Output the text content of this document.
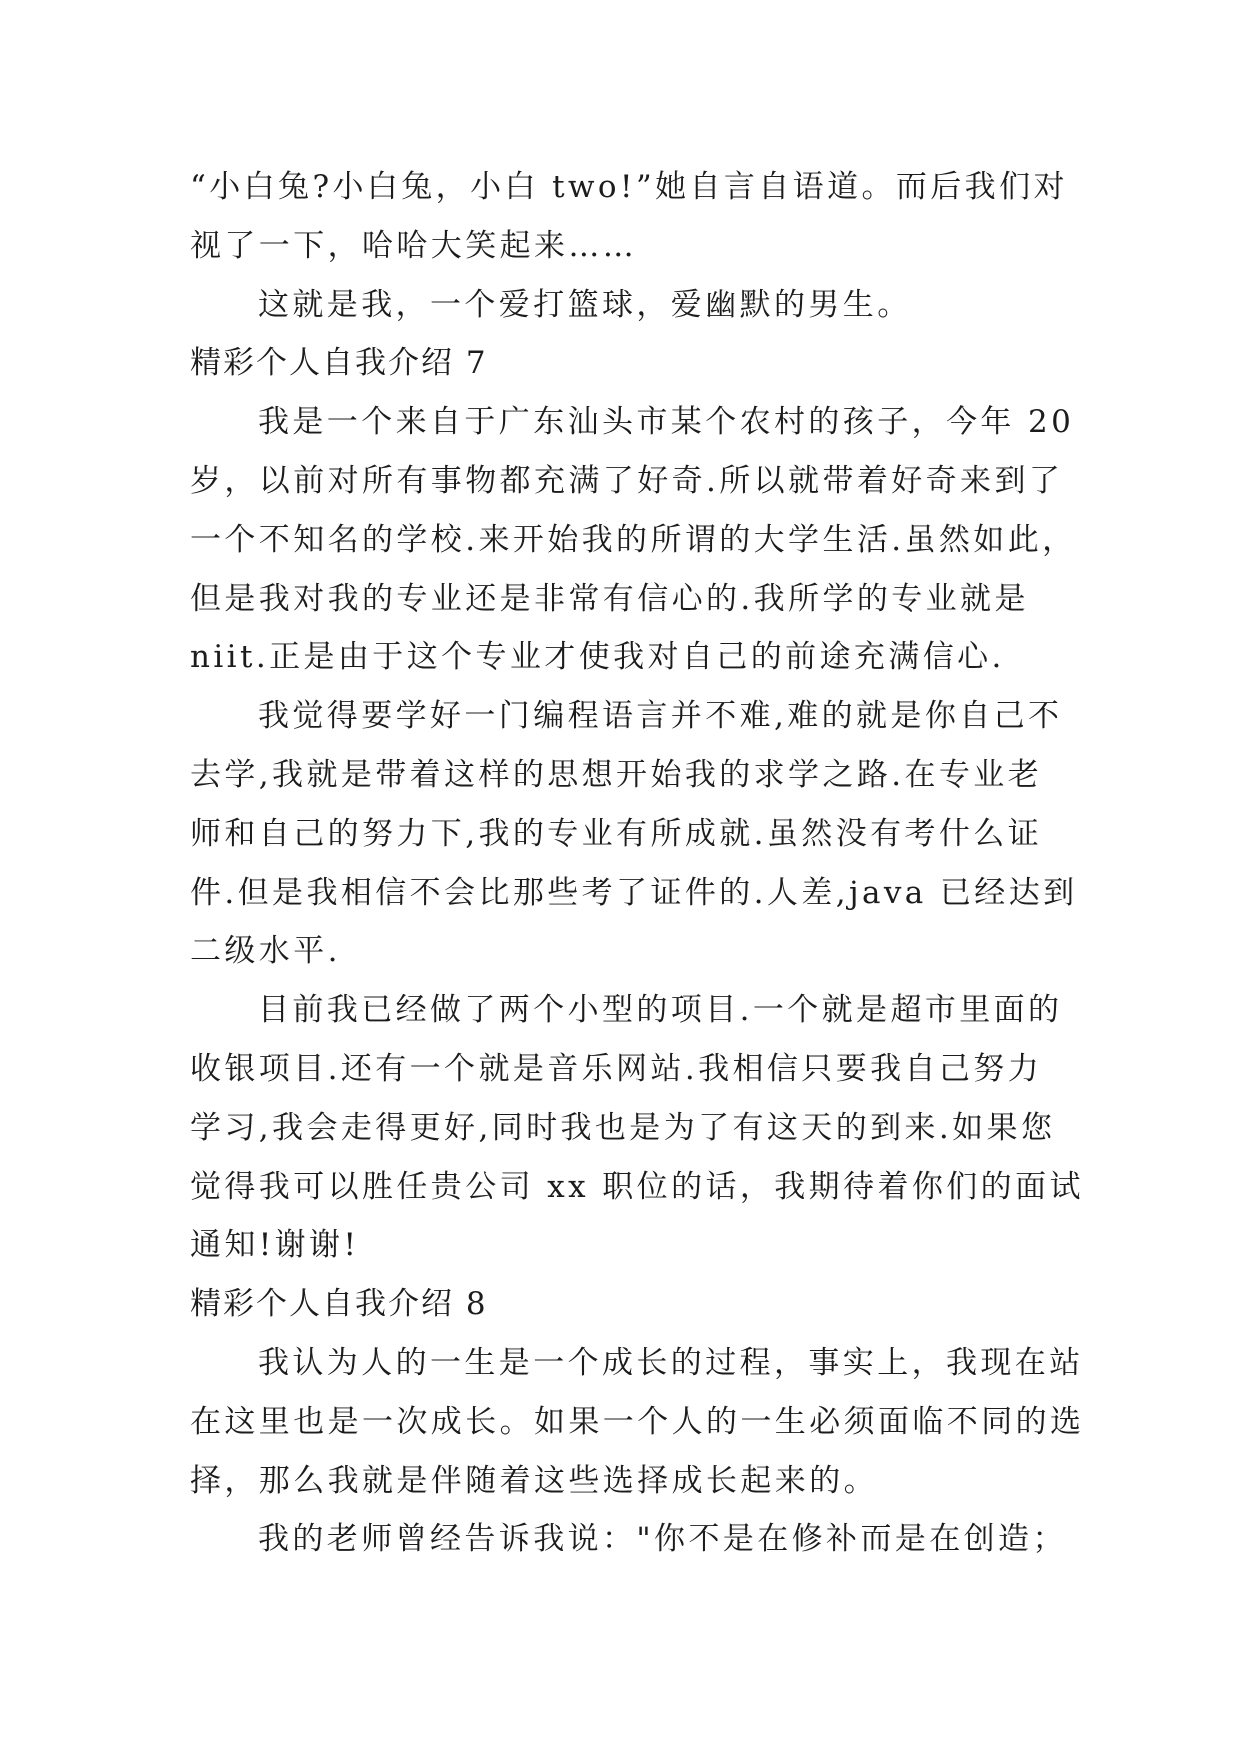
“小白兔?小白兔，小白 two!”她自言自语道。而后我们对
视了一下，哈哈大笑起来……
这就是我，一个爱打篮球，爱幽默的男生。
精彩个人自我介绍 7
我是一个来自于广东汕头市某个农村的孩子，今年 20
岁，以前对所有事物都充满了好奇.所以就带着好奇来到了
一个不知名的学校.来开始我的所谓的大学生活.虽然如此，
但是我对我的专业还是非常有信心的.我所学的专业就是
niit.正是由于这个专业才使我对自己的前途充满信心.
我觉得要学好一门编程语言并不难,难的就是你自己不
去学,我就是带着这样的思想开始我的求学之路.在专业老
师和自己的努力下,我的专业有所成就.虽然没有考什么证
件.但是我相信不会比那些考了证件的.人差,java 已经达到
二级水平.
目前我已经做了两个小型的项目.一个就是超市里面的
收银项目.还有一个就是音乐网站.我相信只要我自己努力
学习,我会走得更好,同时我也是为了有这天的到来.如果您
觉得我可以胜任贵公司 xx 职位的话，我期待着你们的面试
通知!谢谢!
精彩个人自我介绍 8
我认为人的一生是一个成长的过程，事实上，我现在站
在这里也是一次成长。如果一个人的一生必须面临不同的选
择，那么我就是伴随着这些选择成长起来的。
我的老师曾经告诉我说："你不是在修补而是在创造；
